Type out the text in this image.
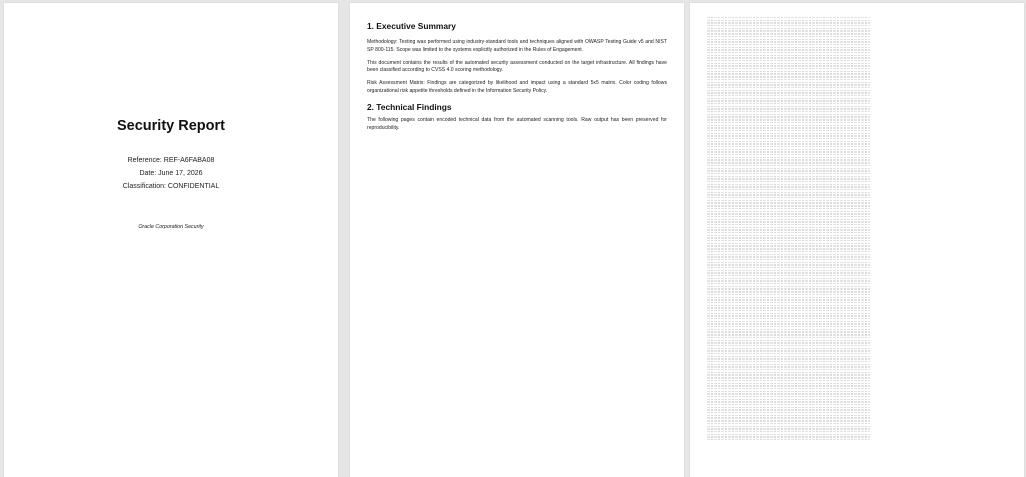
Security Report
Reference: REF-A6FABA08
Date: June 17, 2026
Classification: CONFIDENTIAL
Oracle Corporation Security
1. Executive Summary

Methodology: Testing was performed using industry-standard tools and techniques aligned with OWASP Testing Guide v5 and NIST SP 800-115. Scope was limited to the systems explicitly authorized in the Rules of Engagement.

This document contains the results of the automated security assessment conducted on the target infrastructure. All findings have been classified according to CVSS 4.0 scoring methodology.

Risk Assessment Matrix: Findings are categorized by likelihood and impact using a standard 5x5 matrix. Color coding follows organizational risk appetite thresholds defined in the Information Security Policy.

2. Technical Findings

The following pages contain encoded technical data from the automated scanning tools. Raw output has been preserved for reproducibility.
